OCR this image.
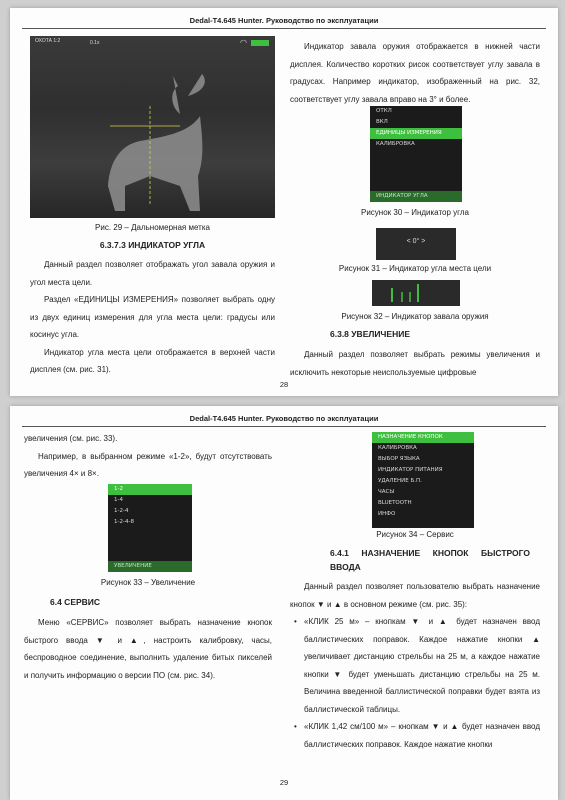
Dedal-T4.645 Hunter. Руководство по эксплуатации
ОХОТА 1:2	0.1х	◠
Рис. 29 – Дальномерная метка
6.3.7.3 ИНДИКАТОР УГЛА

Данный раздел позволяет отображать угол завала оружия и угол места цели.

Раздел «ЕДИНИЦЫ ИЗМЕРЕНИЯ» позволяет выбрать одну из двух единиц измерения для угла места цели: градусы или косинус угла.

Индикатор угла места цели отображается в верхней части дисплея (см. рис. 31).

Индикатор завала оружия отображается в нижней части дисплея. Количество коротких рисок соответствует углу завала в градусах. Например индикатор, изображенный на рис. 32, соответствует углу завала вправо на 3° и более.

ОТКЛ
ВКЛ
ЕДИНИЦЫ ИЗМЕРЕНИЯ
КАЛИБРОВКА
ИНДИКАТОР УГЛА
Рисунок 30 – Индикатор угла
< 0° >
Рисунок 31 – Индикатор угла места цели
Рисунок 32 – Индикатор завала оружия
6.3.8 УВЕЛИЧЕНИЕ

Данный раздел позволяет выбрать режимы увеличения и исключить некоторые неиспользуемые цифровые

28
Dedal-T4.645 Hunter. Руководство по эксплуатации

увеличения (см. рис. 33).

Например, в выбранном режиме «1-2», будут отсутствовать увеличения 4× и 8×.

1-2
1-4
1-2-4
1-2-4-8
УВЕЛИЧЕНИЕ
Рисунок 33 – Увеличение
6.4 СЕРВИС

Меню «СЕРВИС» позволяет выбрать назначение кнопок быстрого ввода ▼ и ▲, настроить калибровку, часы, беспроводное соединение, выполнить удаление битых пикселей и получить информацию о версии ПО (см. рис. 34).

НАЗНАЧЕНИЕ КНОПОК
КАЛИБРОВКА
ВЫБОР ЯЗЫКА
ИНДИКАТОР ПИТАНИЯ
УДАЛЕНИЕ Б.П.
ЧАСЫ
BLUETOOTH
ИНФО
Рисунок 34 – Сервис
6.4.1 НАЗНАЧЕНИЕ КНОПОК БЫСТРОГО ВВОДА

Данный раздел позволяет пользователю выбрать назначение кнопок ▼ и ▲ в основном режиме (см. рис. 35):

• «КЛИК 25 м» – кнопкам ▼ и ▲ будет назначен ввод баллистических поправок. Каждое нажатие кнопки ▲ увеличивает дистанцию стрельбы на 25 м, а каждое нажатие кнопки ▼ будет уменьшать дистанцию стрельбы на 25 м. Величина введенной баллистической поправки будет взята из баллистической таблицы.
• «КЛИК 1,42 см/100 м» – кнопкам ▼ и ▲ будет назначен ввод баллистических поправок. Каждое нажатие кнопки
29
